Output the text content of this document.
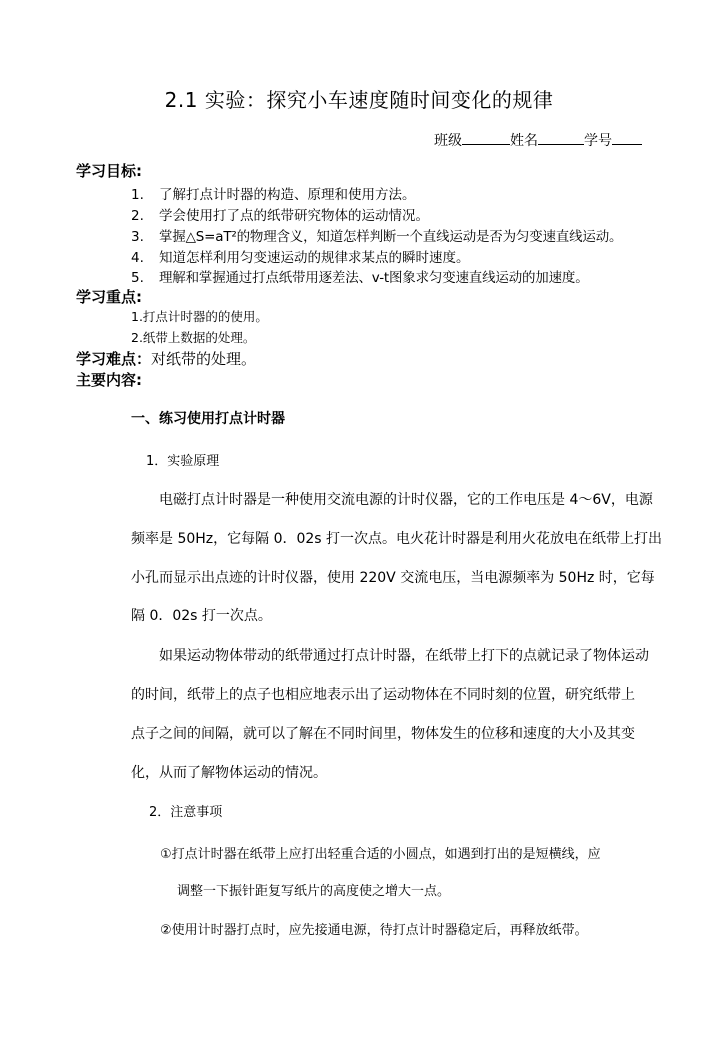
2.1 实验：探究小车速度随时间变化的规律
班级	姓名	学号
学习目标:
1. 了解打点计时器的构造、原理和使用方法。
2. 学会使用打了点的纸带研究物体的运动情况。
3. 掌握△S=aT²的物理含义，知道怎样判断一个直线运动是否为匀变速直线运动。
4. 知道怎样利用匀变速运动的规律求某点的瞬时速度。
5. 理解和掌握通过打点纸带用逐差法、v-t图象求匀变速直线运动的加速度。
学习重点:
1.打点计时器的的使用。
2.纸带上数据的处理。
学习难点：对纸带的处理。
主要内容:
一、练习使用打点计时器
1．实验原理
电磁打点计时器是一种使用交流电源的计时仪器，它的工作电压是 4～6V，电源
频率是 50Hz，它每隔 0．02s 打一次点。电火花计时器是利用火花放电在纸带上打出
小孔而显示出点迹的计时仪器，使用 220V 交流电压，当电源频率为 50Hz 时，它每
隔 0．02s 打一次点。
如果运动物体带动的纸带通过打点计时器，在纸带上打下的点就记录了物体运动
的时间，纸带上的点子也相应地表示出了运动物体在不同时刻的位置，研究纸带上
点子之间的间隔，就可以了解在不同时间里，物体发生的位移和速度的大小及其变
化，从而了解物体运动的情况。
2．注意事项
①打点计时器在纸带上应打出轻重合适的小圆点，如遇到打出的是短横线，应
调整一下振针距复写纸片的高度使之增大一点。
②使用计时器打点时，应先接通电源，待打点计时器稳定后，再释放纸带。
